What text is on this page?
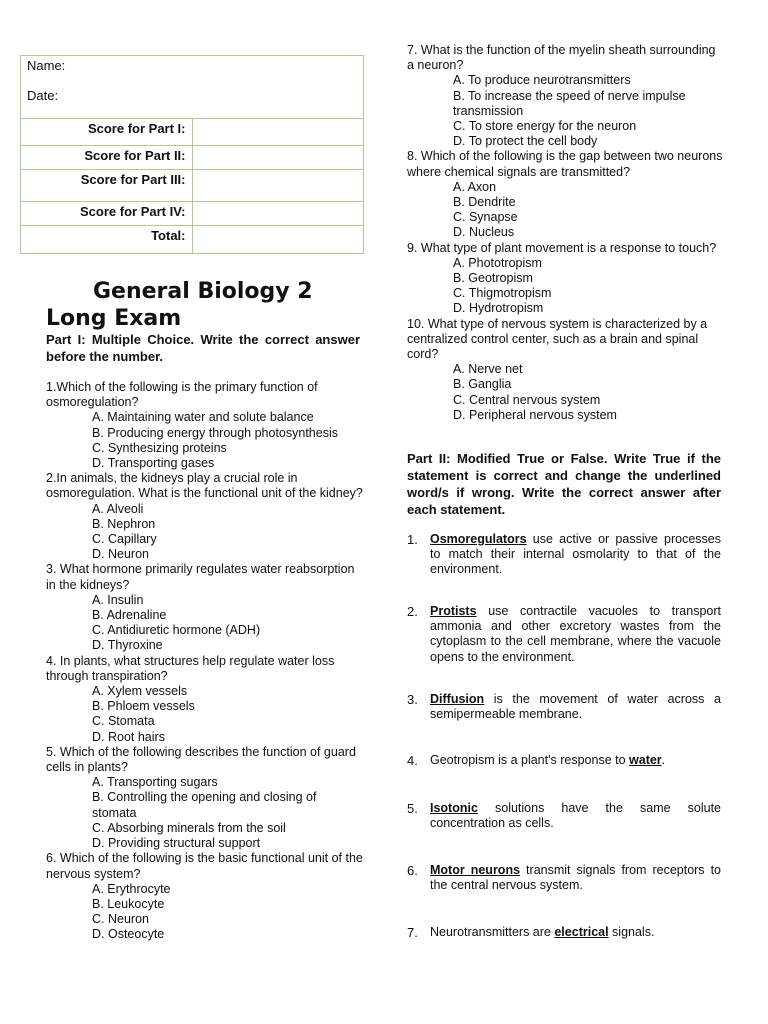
Name:
Date:	

Score for Part I:	
Score for Part II:	
Score for Part III:	
Score for Part IV:	
Total:	
General Biology 2
Long Exam

Part I: Multiple Choice. Write the correct answer before the number.

1.Which of the following is the primary function of osmoregulation?

A. Maintaining water and solute balance
B. Producing energy through photosynthesis
C. Synthesizing proteins
D. Transporting gases

2.In animals, the kidneys play a crucial role in osmoregulation. What is the functional unit of the kidney?

A. Alveoli
B. Nephron
C. Capillary
D. Neuron

3. What hormone primarily regulates water reabsorption in the kidneys?

A. Insulin
B. Adrenaline
C. Antidiuretic hormone (ADH)
D. Thyroxine

4. In plants, what structures help regulate water loss through transpiration?

A. Xylem vessels
B. Phloem vessels
C. Stomata
D. Root hairs

5. Which of the following describes the function of guard cells in plants?

A. Transporting sugars
B. Controlling the opening and closing of stomata
C. Absorbing minerals from the soil
D. Providing structural support

6. Which of the following is the basic functional unit of the nervous system?

A. Erythrocyte
B. Leukocyte
C. Neuron
D. Osteocyte

7. What is the function of the myelin sheath surrounding a neuron?

A. To produce neurotransmitters
B. To increase the speed of nerve impulse transmission
C. To store energy for the neuron
D. To protect the cell body

8. Which of the following is the gap between two neurons where chemical signals are transmitted?

A. Axon
B. Dendrite
C. Synapse
D. Nucleus

9. What type of plant movement is a response to touch?

A. Phototropism
B. Geotropism
C. Thigmotropism
D. Hydrotropism

10. What type of nervous system is characterized by a centralized control center, such as a brain and spinal cord?

A. Nerve net
B. Ganglia
C. Central nervous system
D. Peripheral nervous system

Part II: Modified True or False. Write True if the statement is correct and change the underlined word/s if wrong. Write the correct answer after each statement.

1. Osmoregulators use active or passive processes to match their internal osmolarity to that of the environment.
2. Protists use contractile vacuoles to transport ammonia and other excretory wastes from the cytoplasm to the cell membrane, where the vacuole opens to the environment.
3. Diffusion is the movement of water across a semipermeable membrane.
4. Geotropism is a plant's response to water.
5. Isotonic solutions have the same solute concentration as cells.
6. Motor neurons transmit signals from receptors to the central nervous system.
7. Neurotransmitters are electrical signals.
